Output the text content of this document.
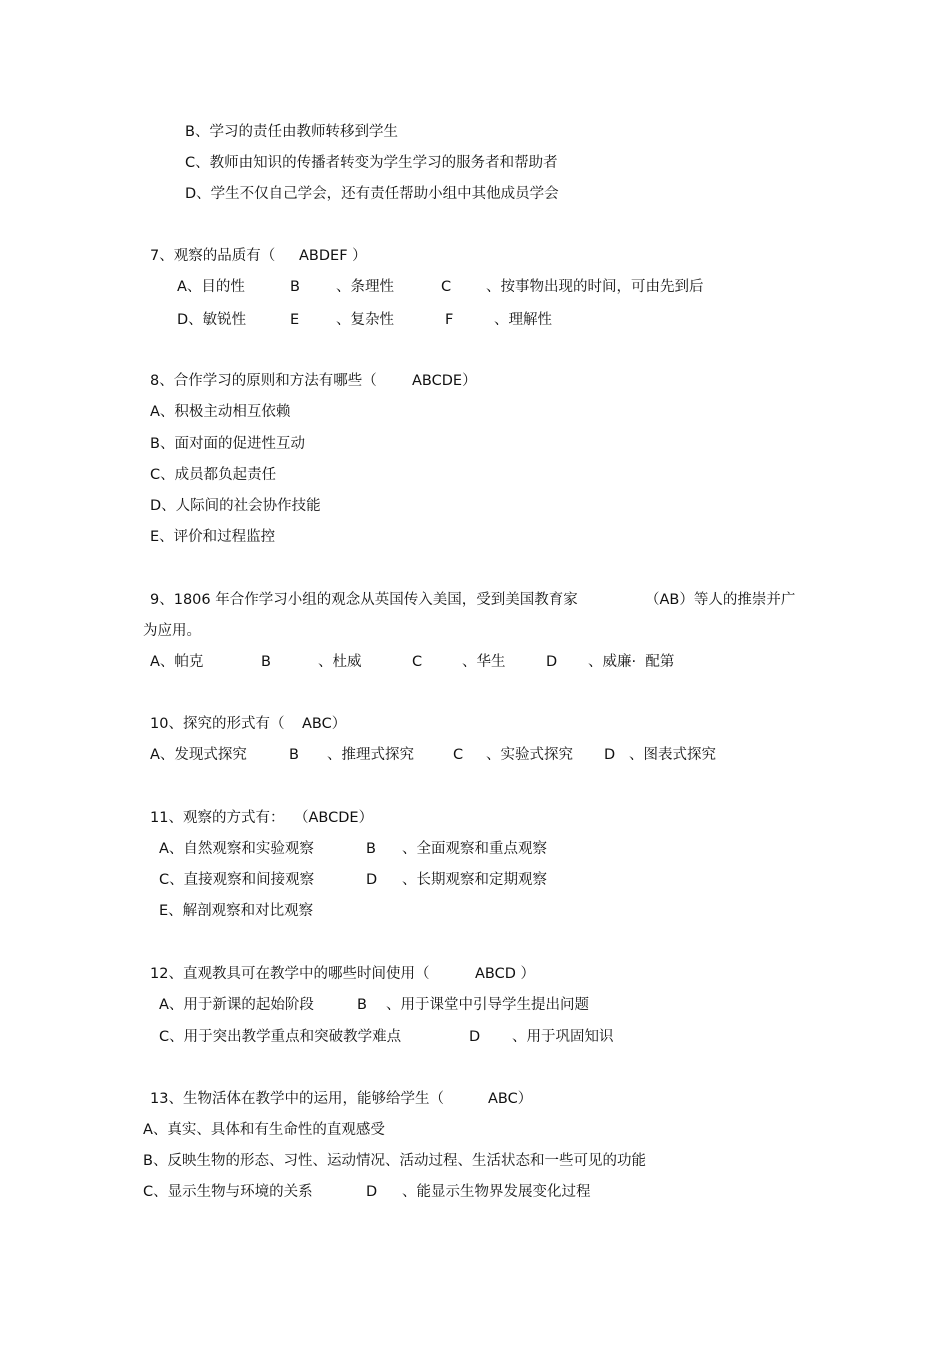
B、学习的责任由教师转移到学生
C、教师由知识的传播者转变为学生学习的服务者和帮助者
D、学生不仅自己学会，还有责任帮助小组中其他成员学会
7、观察的品质有（ ABDEF ）
A、目的性	B 、条理性	C 、按事物出现的时间，可由先到后
D、敏锐性	E	、复杂性	F	、理解性
8、合作学习的原则和方法有哪些（ ABCDE）
A、积极主动相互依赖
B、面对面的促进性互动
C、成员都负起责任
D、人际间的社会协作技能
E、评价和过程监控
9、1806 年合作学习小组的观念从英国传入美国，受到美国教育家	（AB）等人的推崇并广
为应用。
A、帕克	B	、杜威	C	、华生	D 、威廉·  配第
10、探究的形式有（ ABC）
A、发现式探究	B 、推理式探究	C 、实验式探究 D 、图表式探究
11、观察的方式有： （ABCDE）
A、自然观察和实验观察	B 、全面观察和重点观察
C、直接观察和间接观察	D 、长期观察和定期观察
E、解剖观察和对比观察
12、直观教具可在教学中的哪些时间使用（	ABCD ）
A、用于新课的起始阶段	B 、用于课堂中引导学生提出问题
C、用于突出教学重点和突破教学难点	D 、用于巩固知识
13、生物活体在教学中的运用，能够给学生（	ABC）
A、真实、具体和有生命性的直观感受
B、反映生物的形态、习性、运动情况、活动过程、生活状态和一些可见的功能
C、显示生物与环境的关系	D 、能显示生物界发展变化过程
